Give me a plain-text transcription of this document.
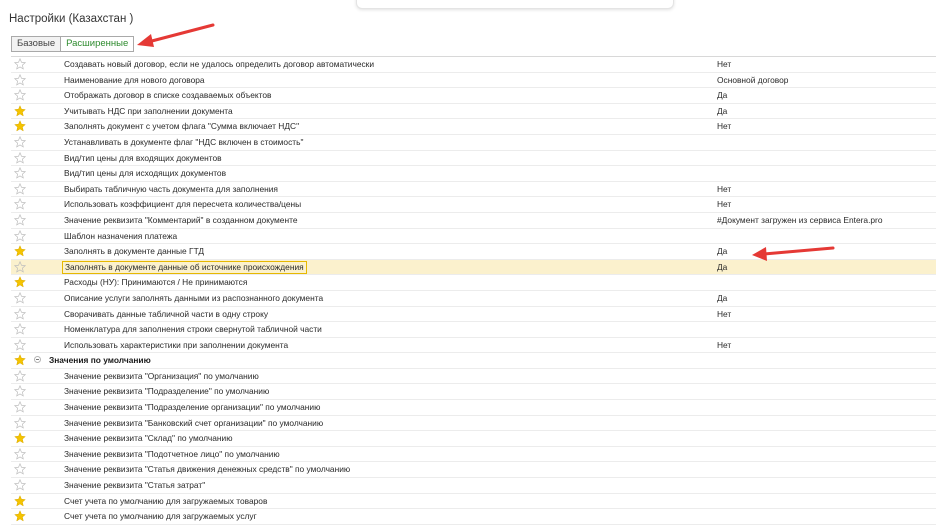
Настройки (Казахстан )
Базовые	Расширенные
Создавать новый договор, если не удалось определить договор автоматически	Нет
Наименование для нового договора	Основной договор
Отображать договор в списке создаваемых объектов	Да
Учитывать НДС при заполнении документа	Да
Заполнять документ с учетом флага "Сумма включает НДС"	Нет
Устанавливать в документе флаг "НДС включен в стоимость"
Вид/тип цены для входящих документов
Вид/тип цены для исходящих документов
Выбирать табличную часть документа для заполнения	Нет
Использовать коэффициент для пересчета количества/цены	Нет
Значение реквизита "Комментарий" в созданном документе	#Документ загружен из сервиса Entera.pro
Шаблон назначения платежа
Заполнять в документе данные ГТД	Да
Заполнять в документе данные об источнике происхождения	Да
Расходы (НУ): Принимаются / Не принимаются
Описание услуги заполнять данными из распознанного документа	Да
Сворачивать данные табличной части в одну строку	Нет
Номенклатура для заполнения строки свернутой табличной части
Использовать характеристики при заполнении документа	Нет
Значения по умолчанию
Значение реквизита "Организация" по умолчанию
Значение реквизита "Подразделение" по умолчанию
Значение реквизита "Подразделение организации" по умолчанию
Значение реквизита "Банковский счет организации" по умолчанию
Значение реквизита "Склад" по умолчанию
Значение реквизита "Подотчетное лицо" по умолчанию
Значение реквизита "Статья движения денежных средств" по умолчанию
Значение реквизита "Статья затрат"
Счет учета по умолчанию для загружаемых товаров
Счет учета по умолчанию для загружаемых услуг
